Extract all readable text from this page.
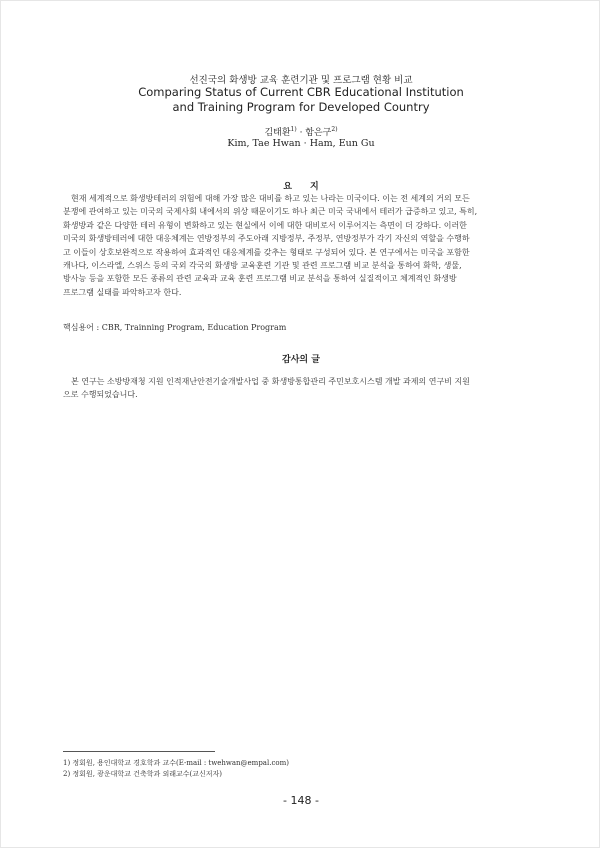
선진국의 화생방 교육 훈련기관 및 프로그램 현황 비교
Comparing Status of Current CBR Educational Institution
and Training Program for Developed Country
김태환$^{1)}$ · 함은구$^{2)}$
Kim, Tae Hwan · Ham, Eun Gu
요지
현재 세계적으로 화생방테러의 위험에 대해 가장 많은 대비를 하고 있는 나라는 미국이다. 이는 전 세계의 거의 모든
분쟁에 관여하고 있는 미국의 국제사회 내에서의 위상 때문이기도 하나 최근 미국 국내에서 테러가 급증하고 있고, 특히,
화생방과 같은 다양한 테러 유형이 변화하고 있는 현실에서 이에 대한 대비로서 이루어지는 측면이 더 강하다. 이러한
미국의 화생방테러에 대한 대응체계는 연방정부의 주도아래 지방정부, 주정부, 연방정부가 각기 자신의 역할을 수행하
고 이들이 상호보완적으로 작용하여 효과적인 대응체계를 갖추는 형태로 구성되어 있다. 본 연구에서는 미국을 포함한
캐나다, 이스라엘, 스위스 등의 국외 각국의 화생방 교육훈련 기관 및 관련 프로그램 비교 분석을 통하여 화학, 생물,
방사능 등을 포함한 모든 종류의 관련 교육과 교육 훈련 프로그램 비교 분석을 통하여 실질적이고 체계적인 화생방
프로그램 실태를 파악하고자 한다.
핵심용어 : CBR, Trainning Program, Education Program
감사의 글
본 연구는 소방방재청 지원 인적재난안전기술개발사업 중 화생방통합관리 주민보호시스템 개발 과제의 연구비 지원
으로 수행되었습니다.
1) 정회원, 용인대학교 경호학과 교수(E-mail : twehwan@empal.com)
2) 정회원, 광운대학교 건축학과 외래교수(교신저자)
- 148 -
